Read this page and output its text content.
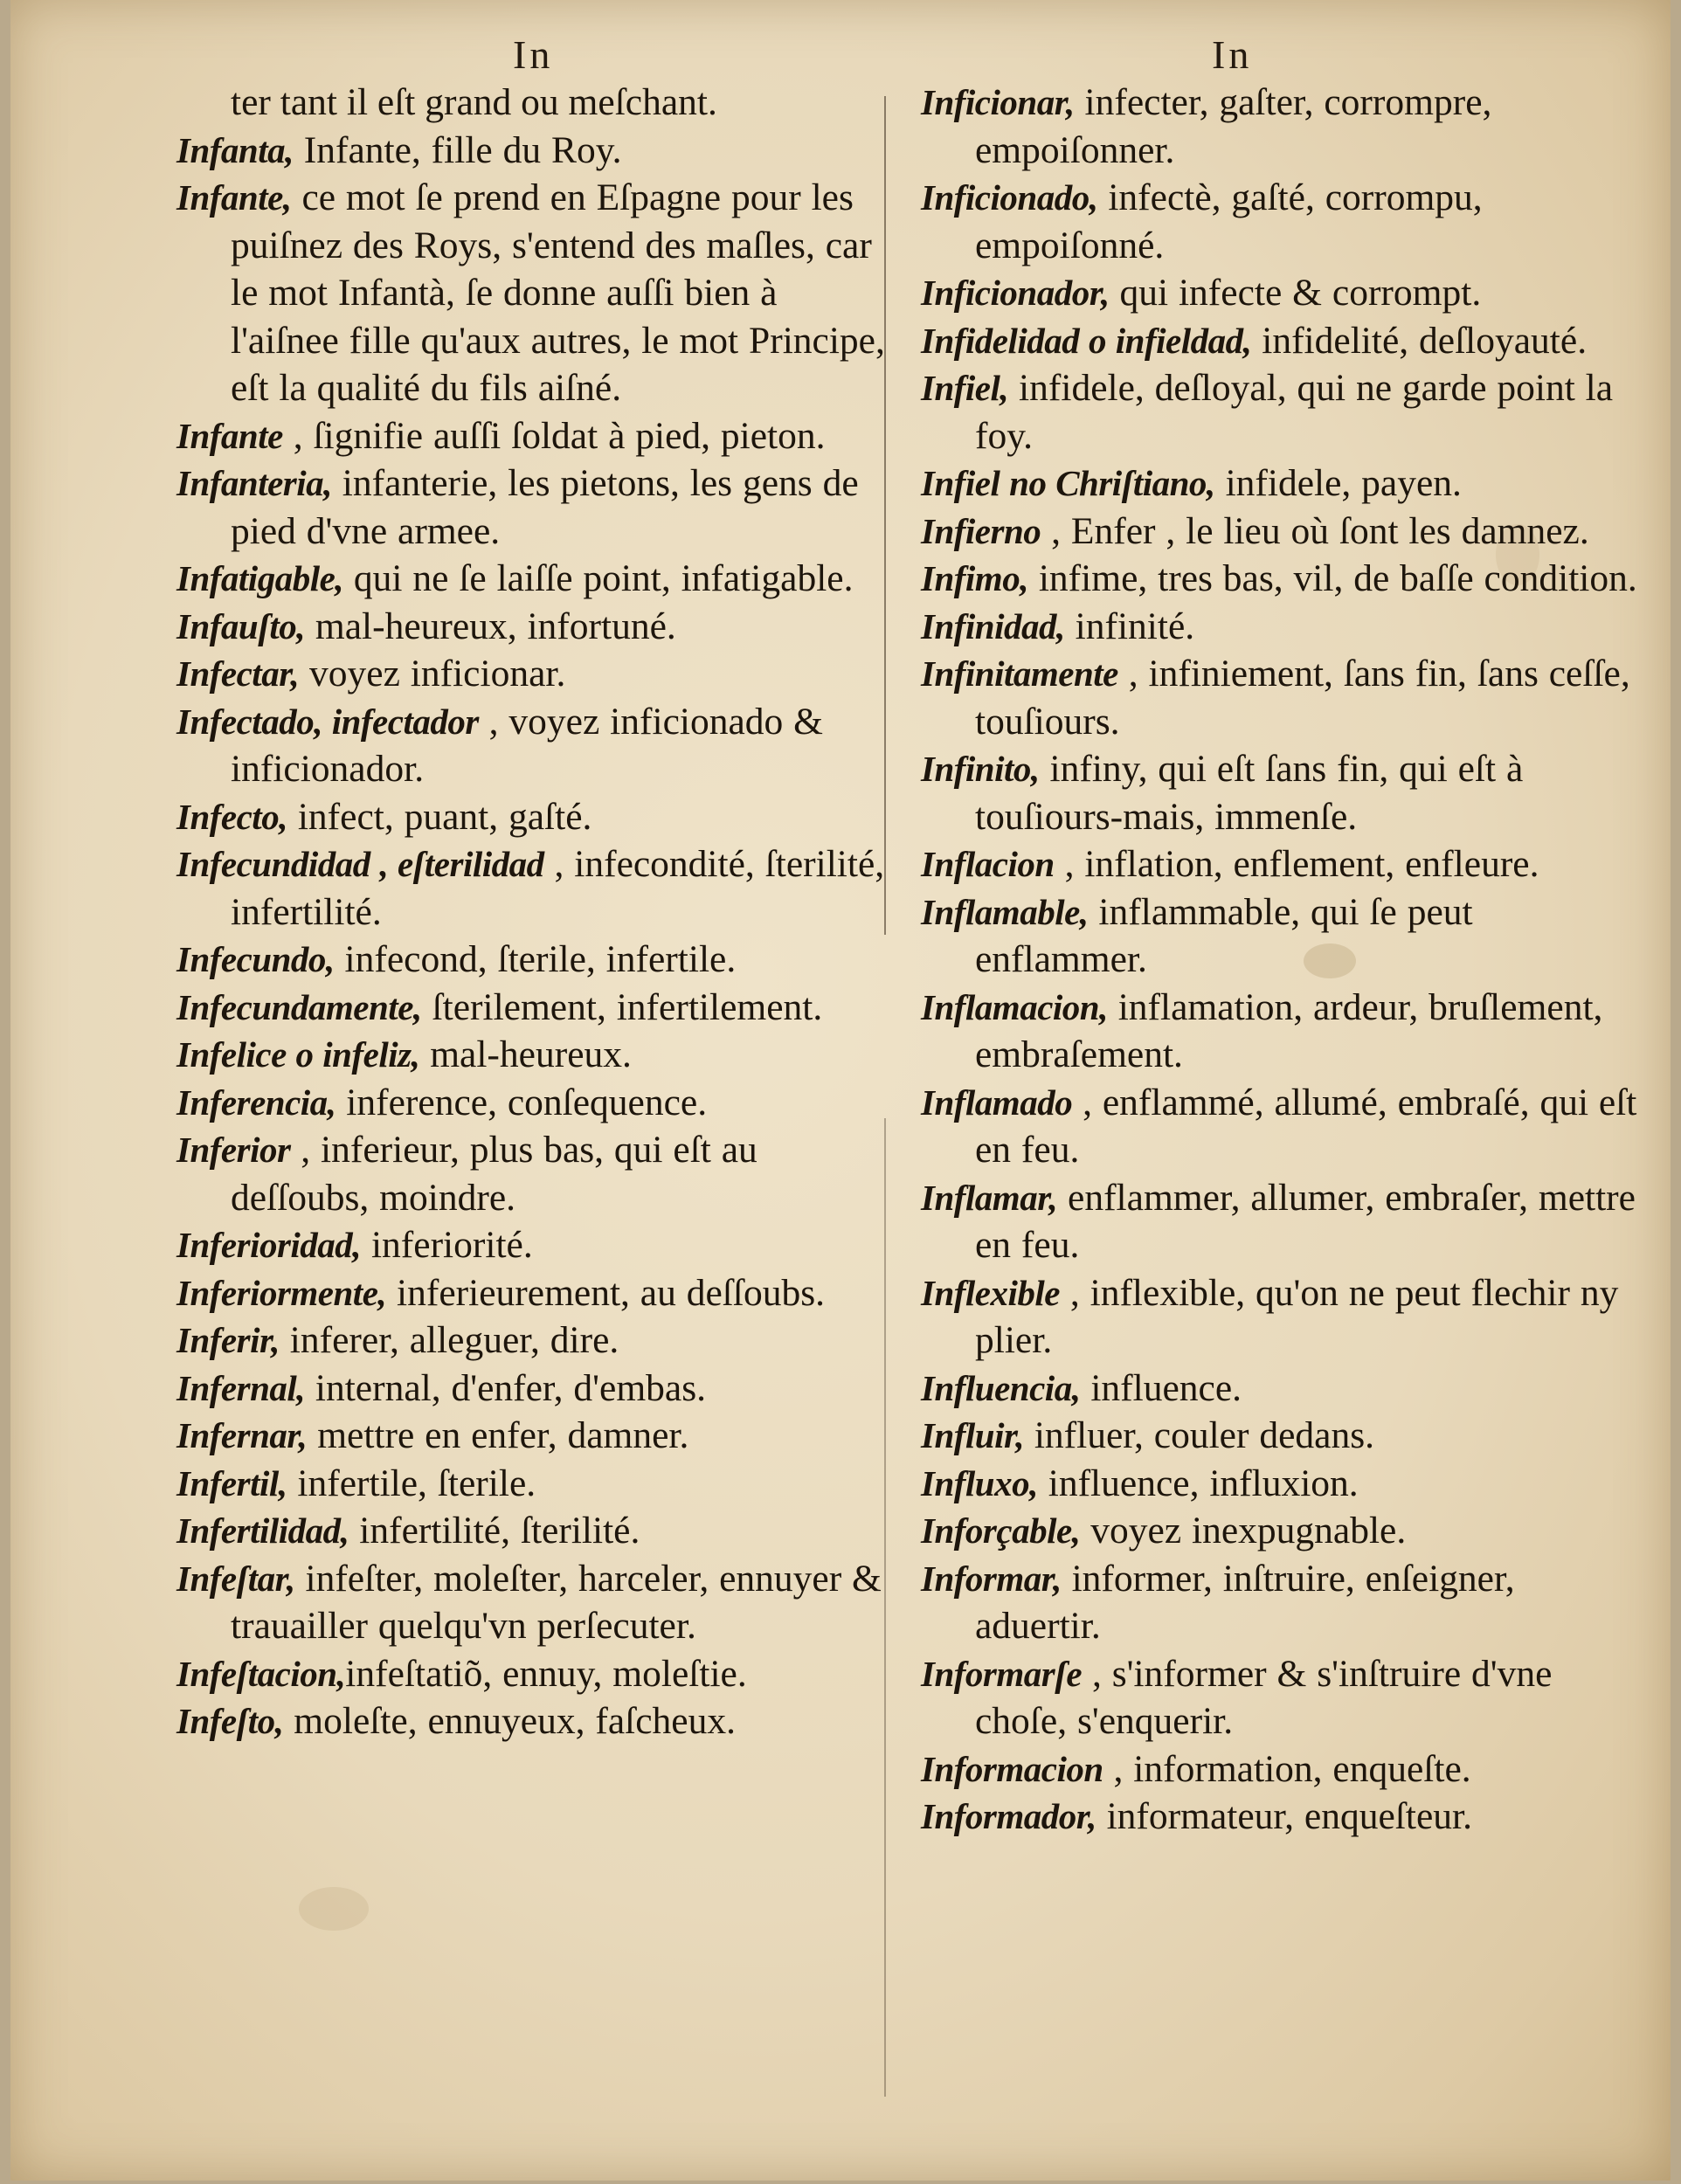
In	In
ter tant il eſt grand ou meſchant.
Infanta, Infante, fille du Roy.
Infante, ce mot ſe prend en Eſpagne pour les puiſnez des Roys, s'entend des maſles, car le mot Infantà, ſe donne auſſi bien à l'aiſnee fille qu'aux autres, le mot Principe, eſt la qualité du fils aiſné.
Infante , ſignifie auſſi ſoldat à pied, pieton.
Infanteria, infanterie, les pietons, les gens de pied d'vne armee.
Infatigable, qui ne ſe laiſſe point, infatigable.
Infauſto, mal-heureux, infortuné.
Infectar, voyez inficionar.
Infectado, infectador , voyez inficionado & inficionador.
Infecto, infect, puant, gaſté.
Infecundidad , eſterilidad , infecondité, ſterilité, infertilité.
Infecundo, infecond, ſterile, infertile.
Infecundamente, ſterilement, infertilement.
Infelice o infeliz, mal-heureux.
Inferencia, inference, conſequence.
Inferior , inferieur, plus bas, qui eſt au deſſoubs, moindre.
Inferioridad, inferiorité.
Inferiormente, inferieurement, au deſſoubs.
Inferir, inferer, alleguer, dire.
Infernal, internal, d'enfer, d'embas.
Infernar, mettre en enfer, damner.
Infertil, infertile, ſterile.
Infertilidad, infertilité, ſterilité.
Infeſtar, infeſter, moleſter, harceler, ennuyer & trauailler quelqu'vn perſecuter.
Infeſtacion,infeſtatiõ, ennuy, moleſtie.
Infeſto, moleſte, ennuyeux, faſcheux.
Inficionar, infecter, gaſter, corrompre, empoiſonner.
Inficionado, infectè, gaſté, corrompu, empoiſonné.
Inficionador, qui infecte & corrompt.
Infidelidad o infieldad, infidelité, deſloyauté.
Infiel, infidele, deſloyal, qui ne garde point la foy.
Infiel no Chriſtiano, infidele, payen.
Infierno , Enfer , le lieu où ſont les damnez.
Infimo, infime, tres bas, vil, de baſſe condition.
Infinidad, infinité.
Infinitamente , infiniement, ſans fin, ſans ceſſe, touſiours.
Infinito, infiny, qui eſt ſans fin, qui eſt à touſiours-mais, immenſe.
Inflacion , inflation, enflement, enfleure.
Inflamable, inflammable, qui ſe peut enflammer.
Inflamacion, inflamation, ardeur, bruſlement, embraſement.
Inflamado , enflammé, allumé, embraſé, qui eſt en feu.
Inflamar, enflammer, allumer, embraſer, mettre en feu.
Inflexible , inflexible, qu'on ne peut flechir ny plier.
Influencia, influence.
Influir, influer, couler dedans.
Influxo, influence, influxion.
Inforçable, voyez inexpugnable.
Informar, informer, inſtruire, enſeigner, aduertir.
Informarſe , s'informer & s'inſtruire d'vne choſe, s'enquerir.
Informacion , information, enqueſte.
Informador, informateur, enqueſteur.
